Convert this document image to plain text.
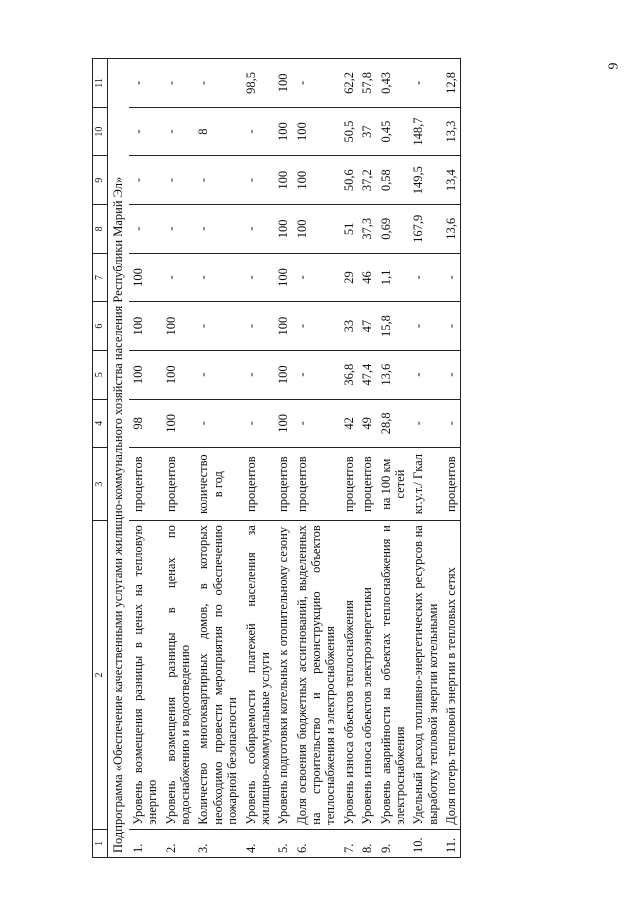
9
1	2	3	4	5	6	7	8	9	10	11
Подпрограмма «Обеспечение качественными услугами жилищно-коммунального хозяйства населения Республики Марий Эл»										
1.	Уровень возмещения разницы в ценах на тепловую энергию	процентов	98	100	100	100	-	-	-	-
2.	Уровень возмещения разницы в ценах по водоснабжению и водоотведению	процентов	100	100	100	-	-	-	-	-
3.	Количество многоквартирных домов, в которых необходимо провести мероприятия по обеспечению пожарной безопасности	количество в год	-	-	-	-	-	-	8	-
4.	Уровень собираемости платежей населения за жилищно-коммунальные услуги	процентов	-	-	-	-	-	-	-	98,5
5.	Уровень подготовки котельных к отопительному сезону	процентов	100	100	100	100	100	100	100	100
6.	Доля освоения бюджетных ассигнований, выделенных на строительство и реконструкцию объектов теплоснабжения и электроснабжения	процентов	-	-	-	-	100	100	100	-
7.	Уровень износа объектов теплоснабжения	процентов	42	36,8	33	29	51	50,6	50,5	62,2
8.	Уровень износа объектов электроэнергетики	процентов	49	47,4	47	46	37,3	37,2	37	57,8
9.	Уровень аварийности на объектах теплоснабжения и электроснабжения	на 100 км сетей	28,8	13,6	15,8	1,1	0,69	0,58	0,45	0,43
10.	Удельный расход топливно-энергетических ресурсов на выработку тепловой энергии котельными	кг.у.т./ Гкал	-	-	-	-	167,9	149,5	148,7	-
11.	Доля потерь тепловой энергии в тепловых сетях	процентов	-	-	-	-	13,6	13,4	13,3	12,8
